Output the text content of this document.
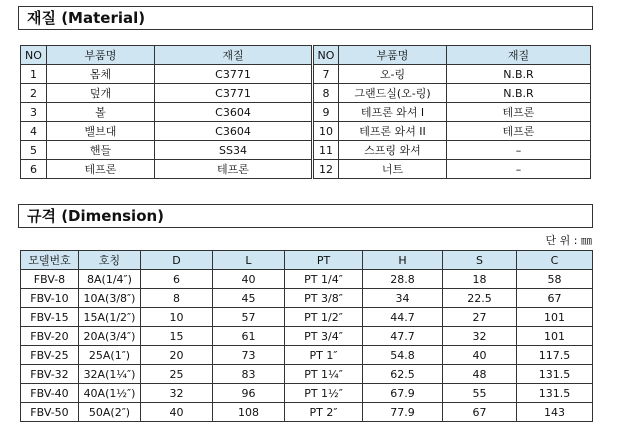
재질 (Material)
NO	부품명	재질	NO	부품명	재질
1	몸체	C3771	7	오-링	N.B.R
2	덮개	C3771	8	그랜드실(오-링)	N.B.R
3	볼	C3604	9	테프론 와셔 I	테프론
4	밸브대	C3604	10	테프론 와셔 II	테프론
5	핸들	SS34	11	스프링 와셔	–
6	테프론	테프론	12	너트	–
규격 (Dimension)
단 위 : ㎜
모델번호	호칭	D	L	PT	H	S	C
FBV-8	8A(1/4″)	6	40	PT 1/4″	28.8	18	58
FBV-10	10A(3/8″)	8	45	PT 3/8″	34	22.5	67
FBV-15	15A(1/2″)	10	57	PT 1/2″	44.7	27	101
FBV-20	20A(3/4″)	15	61	PT 3/4″	47.7	32	101
FBV-25	25A(1″)	20	73	PT 1″	54.8	40	117.5
FBV-32	32A(1¼″)	25	83	PT 1¼″	62.5	48	131.5
FBV-40	40A(1½″)	32	96	PT 1½″	67.9	55	131.5
FBV-50	50A(2″)	40	108	PT 2″	77.9	67	143
